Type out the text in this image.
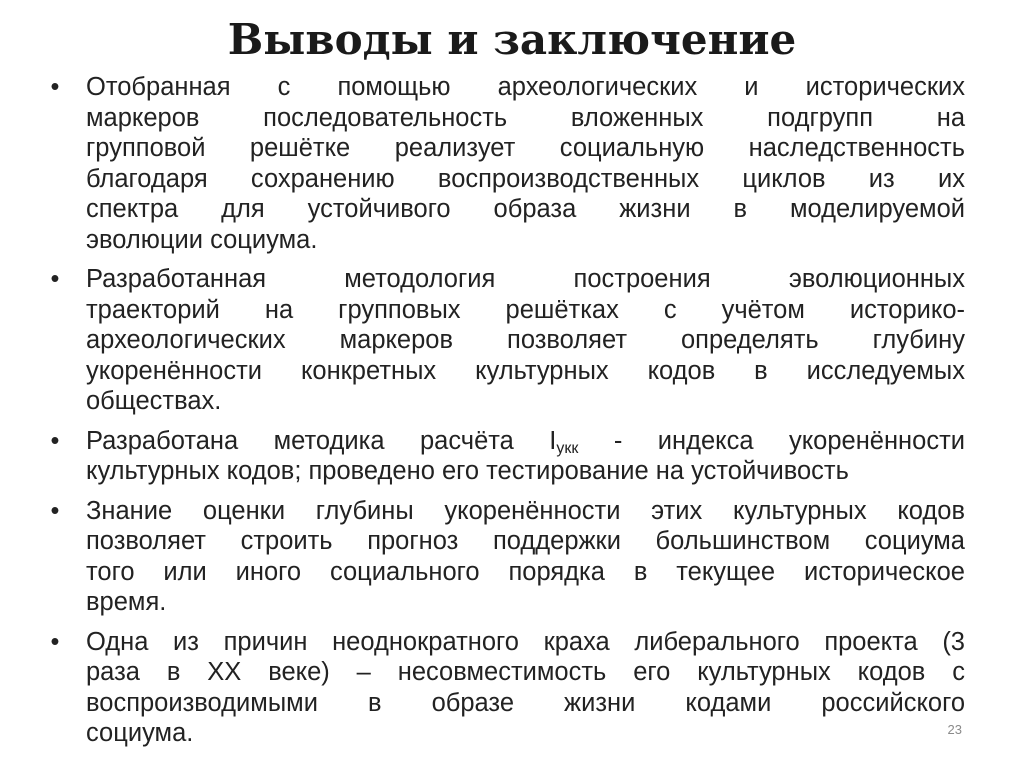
Выводы и заключение
•	Отобранная с помощью археологических и исторических
маркеров последовательность вложенных подгрупп на
групповой решётке реализует социальную наследственность
благодаря сохранению воспроизводственных циклов из их
спектра для устойчивого образа жизни в моделируемой
эволюции социума.
•	Разработанная методология построения эволюционных
траекторий на групповых решётках с учётом историко-
археологических маркеров позволяет определять глубину
укоренённости конкретных культурных кодов в исследуемых
обществах.
•	Разработана методика расчёта $I_{укк}$ - индекса укоренённости
культурных кодов; проведено его тестирование на устойчивость
•	Знание оценки глубины укоренённости этих культурных кодов
позволяет строить прогноз поддержки большинством социума
того или иного социального порядка в текущее историческое
время.
•	Одна из причин неоднократного краха либерального проекта (3
раза в XX веке) – несовместимость его культурных кодов с
воспроизводимыми в образе жизни кодами российского
социума.	23
